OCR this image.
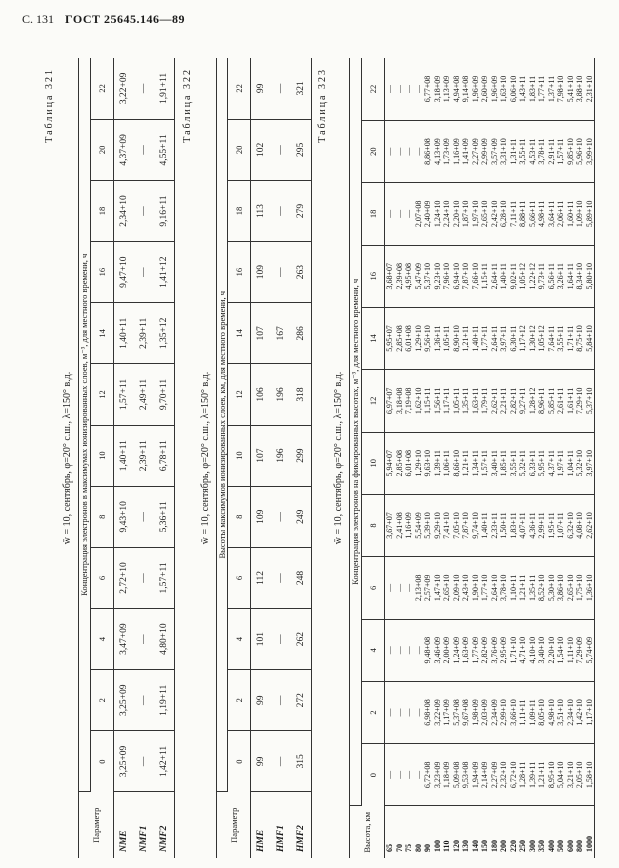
С. 131 ГОСТ 25645.146—89
Таблица 321
w̄ = 10, сентябрь, φ=20° с.ш., λ=150° в.д.
Параметр	Концентрация электронов в максимумах ионизированных слоев, м⁻³, для местного времени, ч											
	0	2	4	6	8	10	12	14	16	18	20	22
NME	3,25+09	3,25+09	3,47+09	2,72+10	9,43+10	1,40+11	1,57+11	1,40+11	9,47+10	2,34+10	4,37+09	3,22+09
NMF1	—	—	—	—	—	2,39+11	2,49+11	2,39+11	—	—	—	—
NMF2	1,42+11	1,19+11	4,80+10	1,57+11	5,36+11	6,78+11	9,70+11	1,35+12	1,41+12	9,16+11	4,55+11	1,91+11 Таблица 322
w̄ = 10, сентябрь, φ=20° с.ш., λ=150° в.д.
Параметр	Высоты максимумов ионизированных слоев, км, для местного времени, ч											
	0	2	4	6	8	10	12	14	16	18	20	22
HME	99	99	101	112	109	107	106	107	109	113	102	99
HMF1	—	—	—	—	—	196	196	167	—	—	—	—
HMF2	315	272	262	248	249	299	318	286	263	279	295	321 Таблица 323
w̄ = 10, сентябрь, φ=20° с.ш., λ=150° в.д.
Высота, км	Концентрация электронов на фиксированных высотах, м⁻³, для местного времени, ч											
	0	2	4	6	8	10	12	14	16	18	20	22
65	—	—	—	—	3,67+07	5,94+07	6,97+07	5,95+07	3,68+07	—	—	—
70	—	—	—	—	2,41+08	2,85+08	3,18+08	2,85+08	2,39+08	—	—	—
75	—	—	—	—	1,16+09	6,01+08	7,19+08	6,01+08	4,95+08	—	—	—
80	—	—	—	2,13+08	5,54+09	1,29+10	1,62+10	1,29+10	5,47+09	2,07+08	—	—
90	6,72+08	6,98+08	9,48+08	2,57+09	5,39+10	9,63+10	1,15+11	9,56+10	5,37+10	2,40+09	8,86+08	6,77+08
100	3,23+09	3,22+09	3,46+09	1,47+10	9,29+10	1,39+11	1,56+11	1,36+11	9,23+10	1,24+10	4,13+09	3,18+09
110	1,18+09	1,17+09	2,00+09	2,65+10	7,41+10	1,06+11	1,17+11	1,05+11	7,96+10	2,24+10	1,73+09	1,13+09
120	5,09+08	5,37+08	1,24+09	2,09+10	7,05+10	8,66+10	1,05+11	8,90+10	6,94+10	2,20+10	1,16+09	4,94+08
130	9,53+08	9,67+08	1,63+09	2,43+10	7,87+10	1,21+11	1,35+11	1,21+11	7,87+10	1,87+10	1,41+09	9,14+08
140	1,94+09	1,98+09	1,77+09	1,90+10	9,74+10	1,34+11	1,63+11	1,40+11	7,66+10	1,97+10	2,27+09	1,96+09
150	2,14+09	2,03+09	2,82+09	1,77+10	1,40+11	1,57+11	1,79+11	1,77+11	1,15+11	2,65+10	2,99+09	2,60+09
180	2,27+09	2,34+09	3,76+09	2,64+10	2,33+11	3,40+11	2,62+11	2,64+11	2,64+11	2,42+10	3,57+09	1,96+09
200	2,32+10	2,99+10	2,95+09	3,78+10	1,50+11	1,85+11	2,21+11	3,97+11	1,40+11	6,28+10	3,31+10	1,63+10
220	6,72+10	3,66+10	1,71+10	1,10+11	1,83+11	3,55+11	2,82+11	6,30+11	9,02+11	7,11+11	1,31+11	6,06+10
250	1,28+11	1,11+11	4,71+10	1,21+11	4,07+11	5,32+11	9,27+11	1,17+12	1,05+12	8,88+11	3,55+11	1,43+11
300	1,39+11	1,09+11	4,10+10	1,35+11	4,36+11	6,33+11	1,28+12	1,30+12	1,22+12	5,66+11	4,53+11	1,83+11
350	1,21+11	8,05+10	3,40+10	8,52+10	2,99+11	5,95+11	8,96+11	1,05+12	9,73+11	4,98+11	3,78+11	1,77+11
400	8,95+10	4,98+10	2,20+10	5,30+10	1,95+11	4,37+11	5,85+11	7,64+11	6,56+11	3,64+11	2,91+11	1,37+11
500	5,04+10	3,51+10	1,54+10	3,86+10	1,07+11	1,97+11	2,61+11	3,55+11	3,26+11	2,06+11	1,57+11	7,98+10
600	3,21+10	2,34+10	1,11+10	2,65+10	6,32+10	1,04+11	1,61+11	1,71+11	1,64+11	1,60+11	9,85+10	5,41+10
800	2,05+10	1,42+10	7,29+09	1,75+10	4,08+10	5,32+10	7,29+10	8,75+10	8,34+10	1,09+10	5,96+10	3,88+10
1000	1,58+10	1,17+10	5,74+09	1,36+10	2,62+10	3,97+10	5,37+10	5,84+10	5,80+10	5,89+10	3,99+10	2,31+10
